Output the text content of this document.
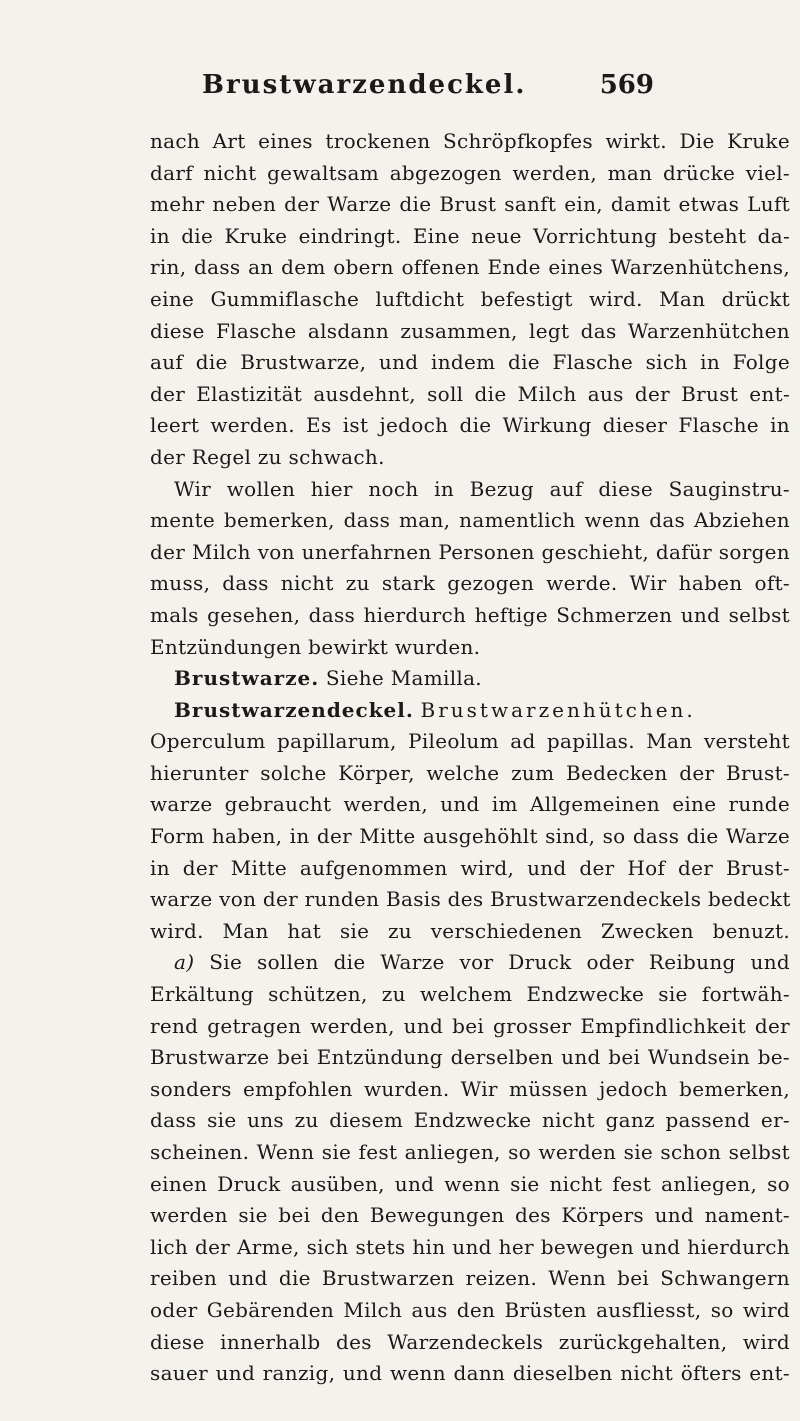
Brustwarzendeckel.	569
nach Art eines trockenen Schröpfkopfes wirkt. Die Kruke
darf nicht gewaltsam abgezogen werden, man drücke viel-
mehr neben der Warze die Brust sanft ein, damit etwas Luft
in die Kruke eindringt. Eine neue Vorrichtung besteht da-
rin, dass an dem obern offenen Ende eines Warzenhütchens,
eine Gummiflasche luftdicht befestigt wird. Man drückt
diese Flasche alsdann zusammen, legt das Warzenhütchen
auf die Brustwarze, und indem die Flasche sich in Folge
der Elastizität ausdehnt, soll die Milch aus der Brust ent-
leert werden. Es ist jedoch die Wirkung dieser Flasche in
der Regel zu schwach.
Wir wollen hier noch in Bezug auf diese Sauginstru-
mente bemerken, dass man, namentlich wenn das Abziehen
der Milch von unerfahrnen Personen geschieht, dafür sorgen
muss, dass nicht zu stark gezogen werde. Wir haben oft-
mals gesehen, dass hierdurch heftige Schmerzen und selbst
Entzündungen bewirkt wurden.
Brustwarze. Siehe Mamilla.
Brustwarzendeckel. Brustwarzenhütchen.
Operculum papillarum, Pileolum ad papillas. Man versteht
hierunter solche Körper, welche zum Bedecken der Brust-
warze gebraucht werden, und im Allgemeinen eine runde
Form haben, in der Mitte ausgehöhlt sind, so dass die Warze
in der Mitte aufgenommen wird, und der Hof der Brust-
warze von der runden Basis des Brustwarzendeckels bedeckt
wird. Man hat sie zu verschiedenen Zwecken benuzt.
a) Sie sollen die Warze vor Druck oder Reibung und
Erkältung schützen, zu welchem Endzwecke sie fortwäh-
rend getragen werden, und bei grosser Empfindlichkeit der
Brustwarze bei Entzündung derselben und bei Wundsein be-
sonders empfohlen wurden. Wir müssen jedoch bemerken,
dass sie uns zu diesem Endzwecke nicht ganz passend er-
scheinen. Wenn sie fest anliegen, so werden sie schon selbst
einen Druck ausüben, und wenn sie nicht fest anliegen, so
werden sie bei den Bewegungen des Körpers und nament-
lich der Arme, sich stets hin und her bewegen und hierdurch
reiben und die Brustwarzen reizen. Wenn bei Schwangern
oder Gebärenden Milch aus den Brüsten ausfliesst, so wird
diese innerhalb des Warzendeckels zurückgehalten, wird
sauer und ranzig, und wenn dann dieselben nicht öfters ent-
